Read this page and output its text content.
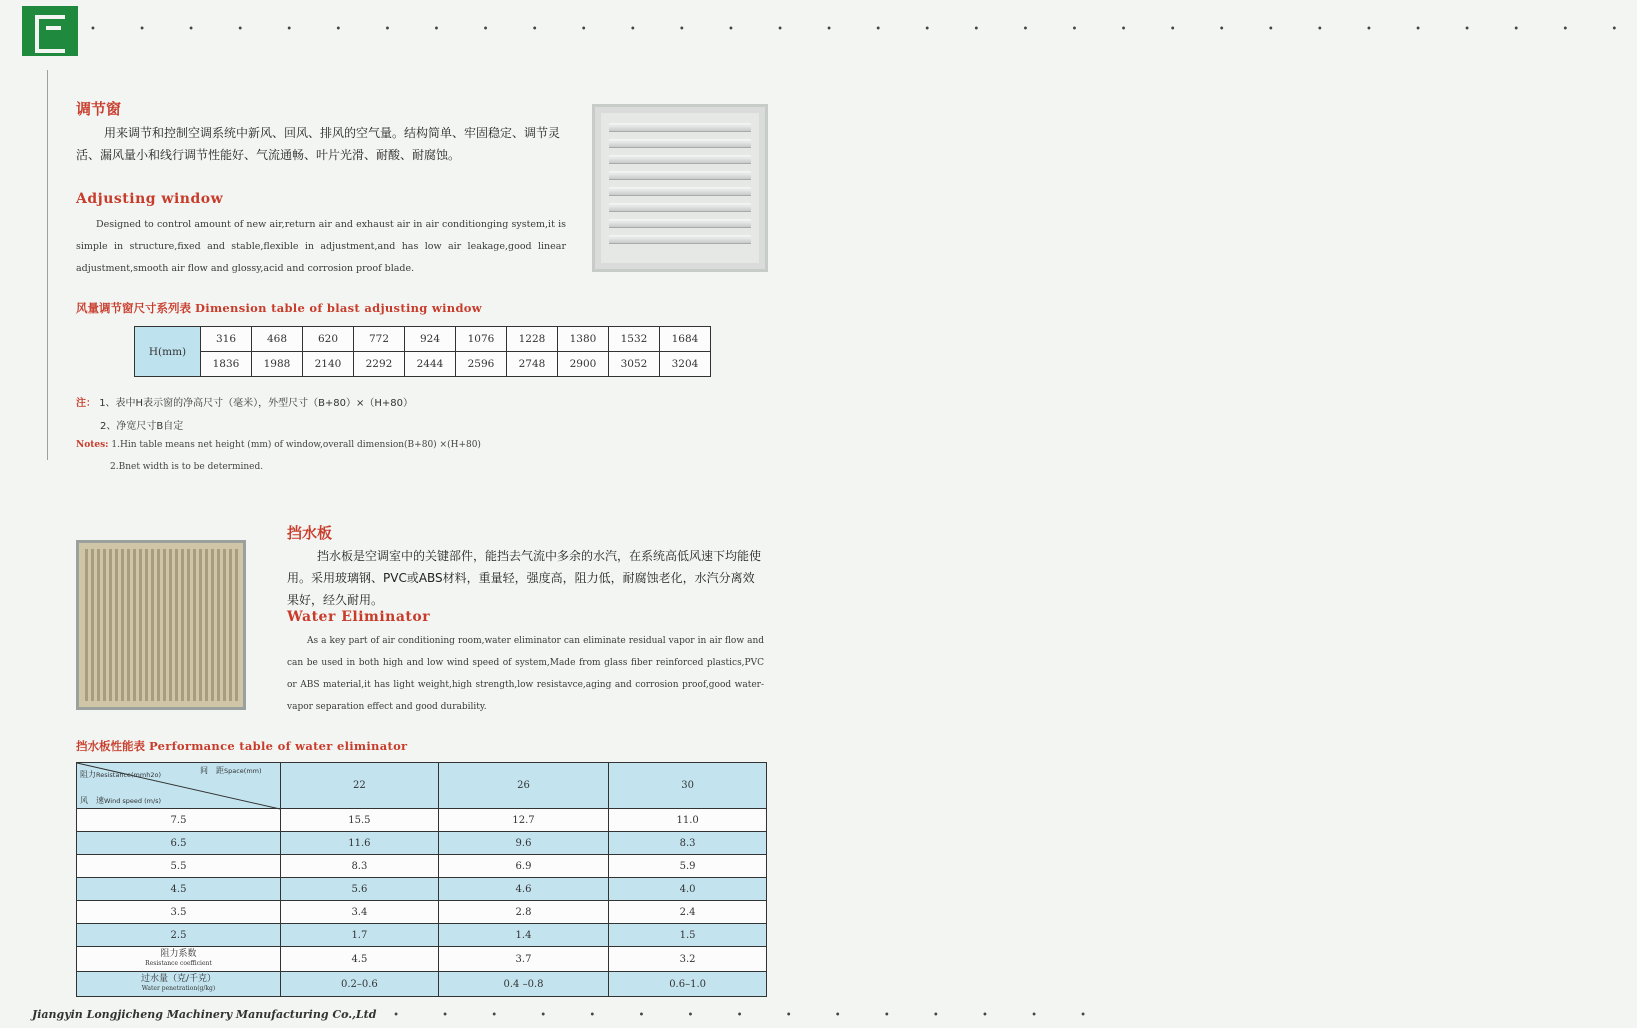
• • • • • • • • • • • • • • • • • • • • • • • • • • • • • • • •
调节窗
用来调节和控制空调系统中新风、回风、排风的空气量。结构简单、牢固稳定、调节灵活、漏风量小和线行调节性能好、气流通畅、叶片光滑、耐酸、耐腐蚀。
Adjusting window
Designed to control amount of new air,return air and exhaust air in air conditionging system,it is simple in structure,fixed and stable,flexible in adjustment,and has low air leakage,good linear adjustment,smooth air flow and glossy,acid and corrosion proof blade.
风量调节窗尺寸系列表 Dimension table of blast adjusting window
H(mm)	316	468	620	772	924	1076	1228	1380	1532	1684
	1836	1988	2140	2292	2444	2596	2748	2900	3052	3204
注： 1、表中H表示窗的净高尺寸（毫米），外型尺寸（B+80）×（H+80）
2、净宽尺寸B自定
Notes: 1.Hin table means net height (mm) of window,overall dimension(B+80) ×(H+80)
2.Bnet width is to be determined.
挡水板
挡水板是空调室中的关键部件，能挡去气流中多余的水汽，在系统高低风速下均能使用。采用玻璃钢、PVC或ABS材料，重量轻，强度高，阻力低，耐腐蚀老化，水汽分离效果好，经久耐用。
Water Eliminator
As a key part of air conditioning room,water eliminator can eliminate residual vapor in air flow and can be used in both high and low wind speed of system,Made from glass fiber reinforced plastics,PVC or ABS material,it has light weight,high strength,low resistavce,aging and corrosion proof,good water-vapor separation effect and good durability.
挡水板性能表 Performance table of water eliminator
阻力Resistance(mmh2o) 间　距Space(mm)
风　速Wind speed (m/s)	22	26	30
7.5	15.5	12.7	11.0
6.5	11.6	9.6	8.3
5.5	8.3	6.9	5.9
4.5	5.6	4.6	4.0
3.5	3.4	2.8	2.4
2.5	1.7	1.4	1.5

阻力系数
Resistance coefficient	4.5	3.7	3.2

过水量（克/千克）
Water penetration(g/kg)	0.2–0.6	0.4 –0.8	0.6–1.0
Jiangyin Longjicheng Machinery Manufacturing Co.,Ltd
• • • • • • • • • • • • • • • •
